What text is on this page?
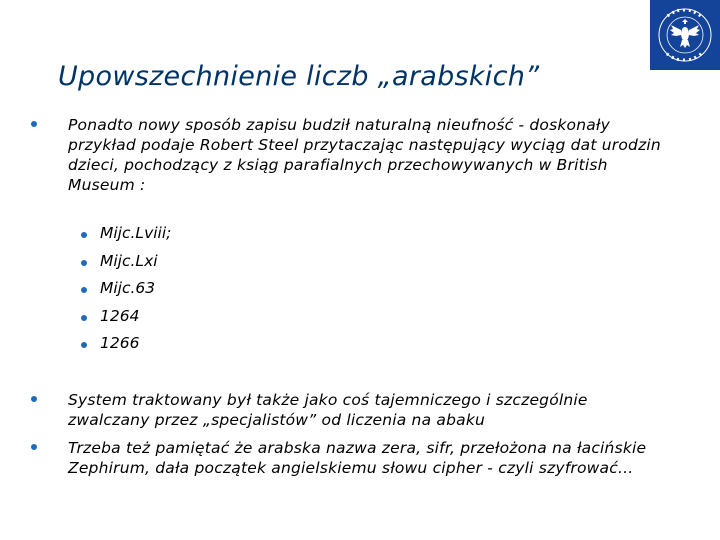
Upowszechnienie liczb „arabskich”
Ponadto nowy sposób zapisu budził naturalną nieufność - doskonały przykład podaje Robert Steel przytaczając następujący wyciąg dat urodzin dzieci, pochodzący z ksiąg parafialnych przechowywanych w British Museum :
Mijc.Lviii;
Mijc.Lxi
Mijc.63
1264
1266
System traktowany był także jako coś tajemniczego i szczególnie zwalczany przez „specjalistów” od liczenia na abaku
Trzeba też pamiętać że arabska nazwa zera, sifr, przełożona na łacińskie Zephirum, dała początek angielskiemu słowu cipher - czyli szyfrować...
